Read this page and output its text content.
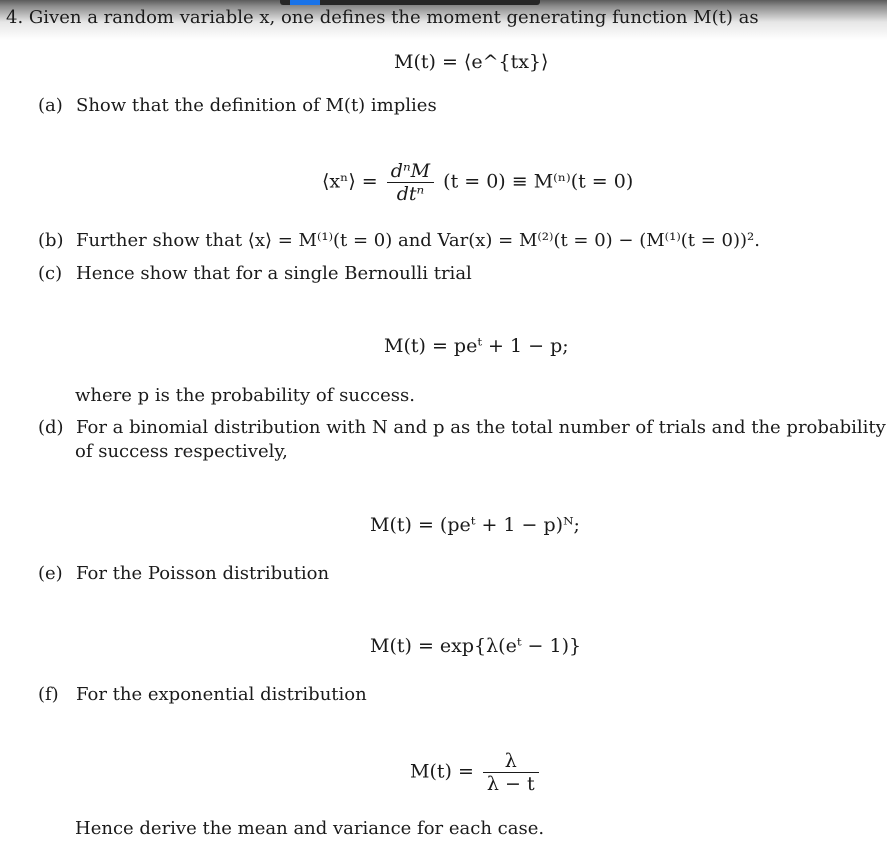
4. Given a random variable x, one defines the moment generating function M(t) as
M(t) = ⟨e^{tx}⟩
(a) Show that the definition of M(t) implies
⟨xⁿ⟩ = $\frac{\text{dⁿM}}{\text{dtⁿ}} (t = 0) \equiv M^{(n)}(t = 0)$
(b) Further show that ⟨x⟩ = M⁽¹⁾(t = 0) and Var(x) = M⁽²⁾(t = 0) − (M⁽¹⁾(t = 0))².
(c) Hence show that for a single Bernoulli trial
M(t) = peᵗ + 1 − p;
where p is the probability of success.
(d) For a binomial distribution with N and p as the total number of trials and the probability
of success respectively,
M(t) = (peᵗ + 1 − p)ᴺ;
(e) For the Poisson distribution
M(t) = exp{λ(eᵗ − 1)}
(f) For the exponential distribution
$M(t) = \frac{\lambda}{\lambda - t}$
Hence derive the mean and variance for each case.
